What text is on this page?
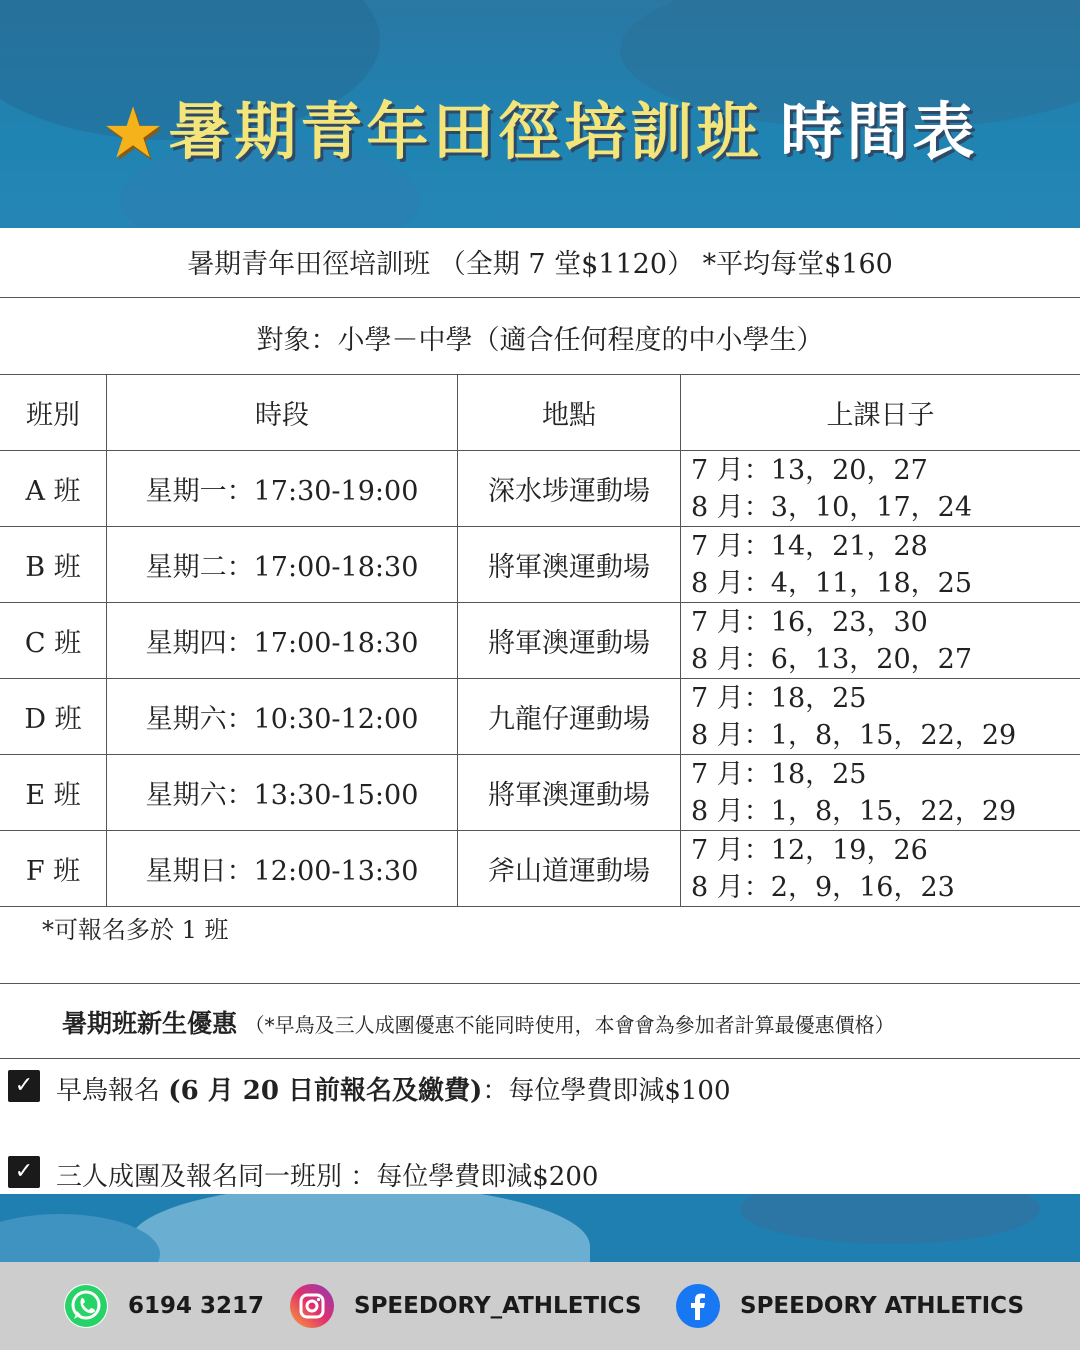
★暑期青年田徑培訓班 時間表
暑期青年田徑培訓班 （全期 7 堂$1120） *平均每堂$160
對象：小學－中學（適合任何程度的中小學生）
班別	時段	地點	上課日子
A 班	星期一：17:30-19:00	深水埗運動場	7 月：13，20，27
8 月：3，10，17，24

B 班	星期二：17:00-18:30	將軍澳運動場	7 月：14，21，28
8 月：4，11，18，25

C 班	星期四：17:00-18:30	將軍澳運動場	7 月：16，23，30
8 月：6，13，20，27

D 班	星期六：10:30-12:00	九龍仔運動場	7 月：18，25
8 月：1，8，15，22，29

E 班	星期六：13:30-15:00	將軍澳運動場	7 月：18，25
8 月：1，8，15，22，29

F 班	星期日：12:00-13:30	斧山道運動場	7 月：12，19，26
8 月：2，9，16，23
*可報名多於 1 班
暑期班新生優惠 （*早鳥及三人成團優惠不能同時使用，本會會為參加者計算最優惠價格）
✓ 早鳥報名 (6 月 20 日前報名及繳費)：每位學費即減$100
✓ 三人成團及報名同一班別 ：每位學費即減$200
6194 3217	SPEEDORY_ATHLETICS	SPEEDORY ATHLETICS
